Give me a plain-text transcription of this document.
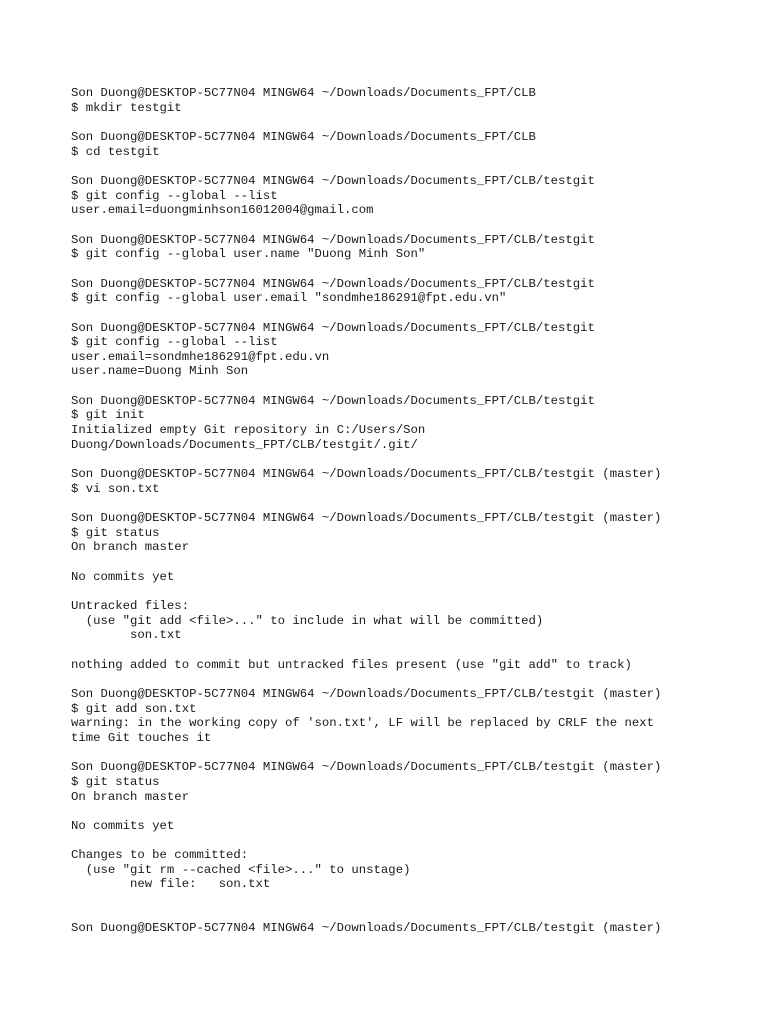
Son Duong@DESKTOP-5C77N04 MINGW64 ~/Downloads/Documents_FPT/CLB
$ mkdir testgit
Son Duong@DESKTOP-5C77N04 MINGW64 ~/Downloads/Documents_FPT/CLB
$ cd testgit
Son Duong@DESKTOP-5C77N04 MINGW64 ~/Downloads/Documents_FPT/CLB/testgit
$ git config --global --list
user.email=duongminhson16012004@gmail.com
Son Duong@DESKTOP-5C77N04 MINGW64 ~/Downloads/Documents_FPT/CLB/testgit
$ git config --global user.name "Duong Minh Son"
Son Duong@DESKTOP-5C77N04 MINGW64 ~/Downloads/Documents_FPT/CLB/testgit
$ git config --global user.email "sondmhe186291@fpt.edu.vn"
Son Duong@DESKTOP-5C77N04 MINGW64 ~/Downloads/Documents_FPT/CLB/testgit
$ git config --global --list
user.email=sondmhe186291@fpt.edu.vn
user.name=Duong Minh Son
Son Duong@DESKTOP-5C77N04 MINGW64 ~/Downloads/Documents_FPT/CLB/testgit
$ git init
Initialized empty Git repository in C:/Users/Son
Duong/Downloads/Documents_FPT/CLB/testgit/.git/
Son Duong@DESKTOP-5C77N04 MINGW64 ~/Downloads/Documents_FPT/CLB/testgit (master)
$ vi son.txt
Son Duong@DESKTOP-5C77N04 MINGW64 ~/Downloads/Documents_FPT/CLB/testgit (master)
$ git status
On branch master
No commits yet
Untracked files:
(use "git add <file>..." to include in what will be committed)
son.txt
nothing added to commit but untracked files present (use "git add" to track)
Son Duong@DESKTOP-5C77N04 MINGW64 ~/Downloads/Documents_FPT/CLB/testgit (master)
$ git add son.txt
warning: in the working copy of 'son.txt', LF will be replaced by CRLF the next
time Git touches it
Son Duong@DESKTOP-5C77N04 MINGW64 ~/Downloads/Documents_FPT/CLB/testgit (master)
$ git status
On branch master
No commits yet
Changes to be committed:
(use "git rm --cached <file>..." to unstage)
new file:   son.txt
Son Duong@DESKTOP-5C77N04 MINGW64 ~/Downloads/Documents_FPT/CLB/testgit (master)
